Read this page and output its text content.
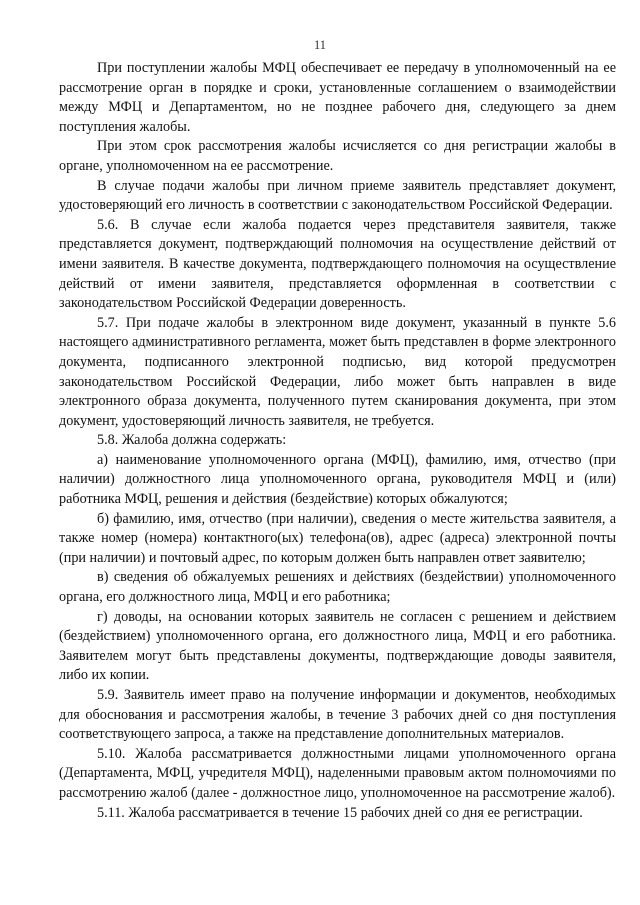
11

При поступлении жалобы МФЦ обеспечивает ее передачу в уполномоченный на ее рассмотрение орган в порядке и сроки, установленные соглашением о взаимодействии между МФЦ и Департаментом, но не позднее рабочего дня, следующего за днем поступления жалобы.

При этом срок рассмотрения жалобы исчисляется со дня регистрации жалобы в органе, уполномоченном на ее рассмотрение.

В случае подачи жалобы при личном приеме заявитель представляет документ, удостоверяющий его личность в соответствии с законодательством Российской Федерации.

5.6. В случае если жалоба подается через представителя заявителя, также представляется документ, подтверждающий полномочия на осуществление действий от имени заявителя. В качестве документа, подтверждающего полномочия на осуществление действий от имени заявителя, представляется оформленная в соответствии с законодательством Российской Федерации доверенность.

5.7. При подаче жалобы в электронном виде документ, указанный в пункте 5.6 настоящего административного регламента, может быть представлен в форме электронного документа, подписанного электронной подписью, вид которой предусмотрен законодательством Российской Федерации, либо может быть направлен в виде электронного образа документа, полученного путем сканирования документа, при этом документ, удостоверяющий личность заявителя, не требуется.

5.8. Жалоба должна содержать:

а) наименование уполномоченного органа (МФЦ), фамилию, имя, отчество (при наличии) должностного лица уполномоченного органа, руководителя МФЦ и (или) работника МФЦ, решения и действия (бездействие) которых обжалуются;

б) фамилию, имя, отчество (при наличии), сведения о месте жительства заявителя, а также номер (номера) контактного(ых) телефона(ов), адрес (адреса) электронной почты (при наличии) и почтовый адрес, по которым должен быть направлен ответ заявителю;

в) сведения об обжалуемых решениях и действиях (бездействии) уполномоченного органа, его должностного лица, МФЦ и его работника;

г) доводы, на основании которых заявитель не согласен с решением и действием (бездействием) уполномоченного органа, его должностного лица, МФЦ и его работника. Заявителем могут быть представлены документы, подтверждающие доводы заявителя, либо их копии.

5.9. Заявитель имеет право на получение информации и документов, необходимых для обоснования и рассмотрения жалобы, в течение 3 рабочих дней со дня поступления соответствующего запроса, а также на представление дополнительных материалов.

5.10. Жалоба рассматривается должностными лицами уполномоченного органа (Департамента, МФЦ, учредителя МФЦ), наделенными правовым актом полномочиями по рассмотрению жалоб (далее - должностное лицо, уполномоченное на рассмотрение жалоб).

5.11. Жалоба рассматривается в течение 15 рабочих дней со дня ее регистрации.
